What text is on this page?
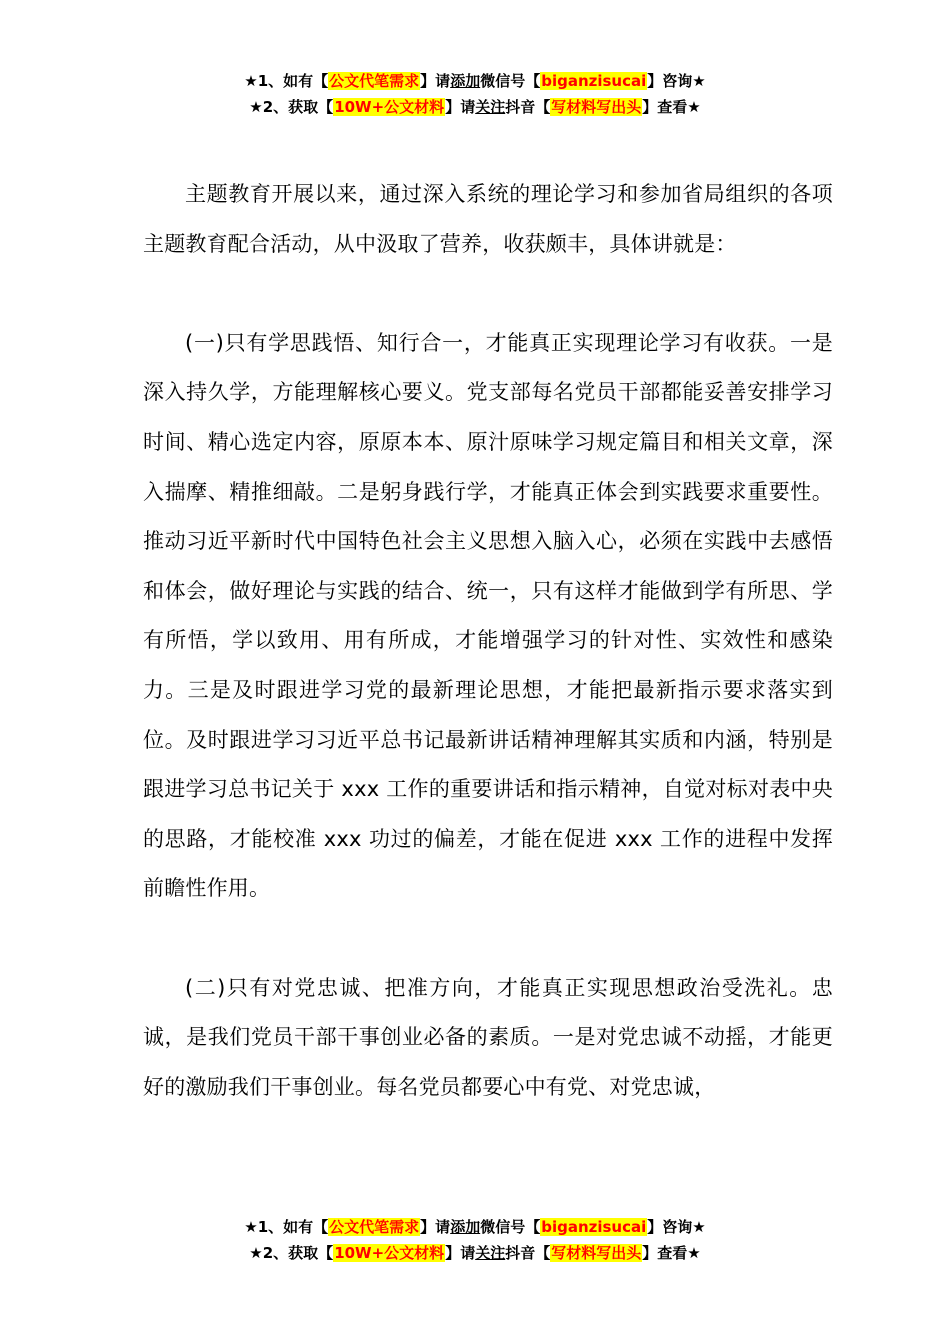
★1、如有【公文代笔需求】请添加微信号【biganzisucai】咨询★
★2、获取【10W+公文材料】请关注抖音【写材料写出头】查看★

主题教育开展以来，通过深入系统的理论学习和参加省局组织的各项主题教育配合活动，从中汲取了营养，收获颇丰，具体讲就是：

(一)只有学思践悟、知行合一，才能真正实现理论学习有收获。一是深入持久学，方能理解核心要义。党支部每名党员干部都能妥善安排学习时间、精心选定内容，原原本本、原汁原味学习规定篇目和相关文章，深入揣摩、精推细敲。二是躬身践行学，才能真正体会到实践要求重要性。推动习近平新时代中国特色社会主义思想入脑入心，必须在实践中去感悟和体会，做好理论与实践的结合、统一，只有这样才能做到学有所思、学有所悟，学以致用、用有所成，才能增强学习的针对性、实效性和感染力。三是及时跟进学习党的最新理论思想，才能把最新指示要求落实到位。及时跟进学习习近平总书记最新讲话精神理解其实质和内涵，特别是跟进学习总书记关于 xxx 工作的重要讲话和指示精神，自觉对标对表中央的思路，才能校准 xxx 功过的偏差，才能在促进 xxx 工作的进程中发挥前瞻性作用。

(二)只有对党忠诚、把准方向，才能真正实现思想政治受洗礼。忠诚，是我们党员干部干事创业必备的素质。一是对党忠诚不动摇，才能更好的激励我们干事创业。每名党员都要心中有党、对党忠诚，

★1、如有【公文代笔需求】请添加微信号【biganzisucai】咨询★
★2、获取【10W+公文材料】请关注抖音【写材料写出头】查看★
